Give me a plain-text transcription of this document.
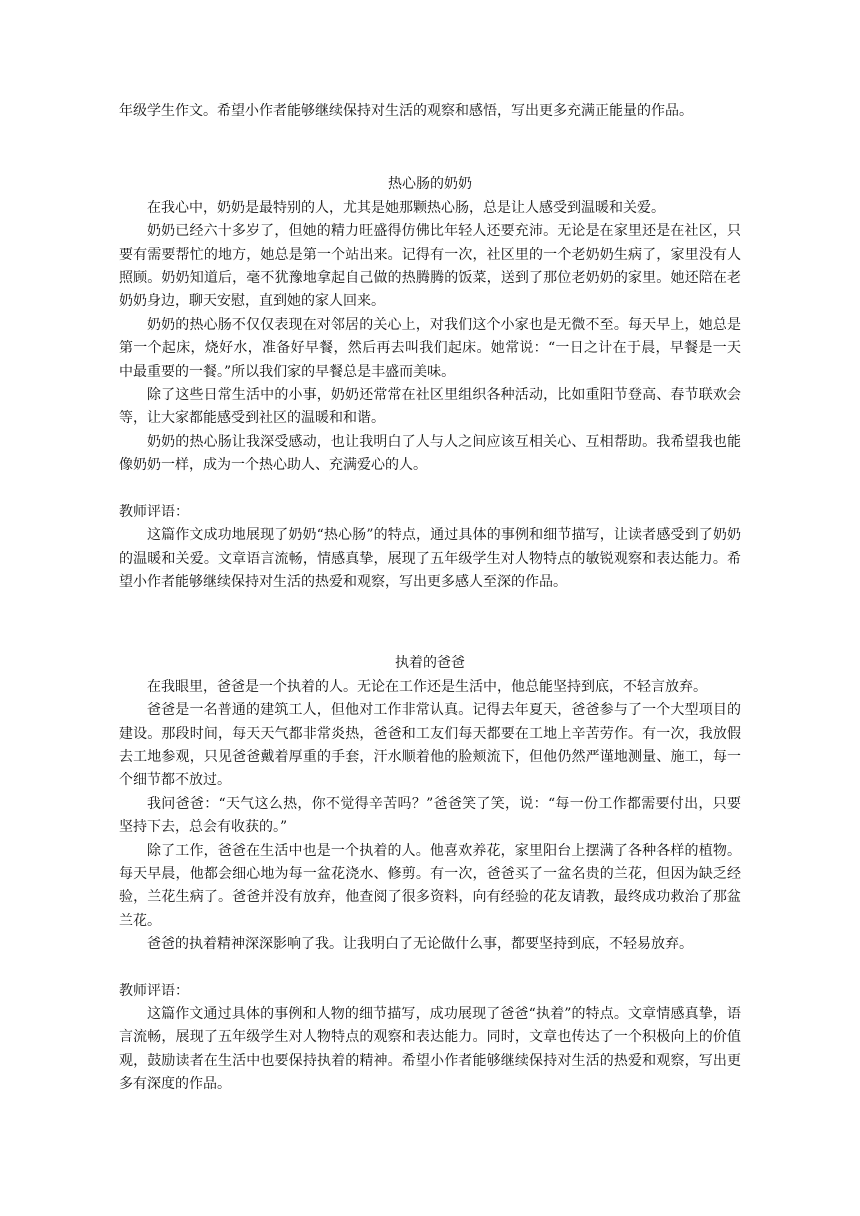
年级学生作文。希望小作者能够继续保持对生活的观察和感悟，写出更多充满正能量的作品。

热心肠的奶奶

在我心中，奶奶是最特别的人，尤其是她那颗热心肠，总是让人感受到温暖和关爱。

奶奶已经六十多岁了，但她的精力旺盛得仿佛比年轻人还要充沛。无论是在家里还是在社区，只要有需要帮忙的地方，她总是第一个站出来。记得有一次，社区里的一个老奶奶生病了，家里没有人照顾。奶奶知道后，毫不犹豫地拿起自己做的热腾腾的饭菜，送到了那位老奶奶的家里。她还陪在老奶奶身边，聊天安慰，直到她的家人回来。

奶奶的热心肠不仅仅表现在对邻居的关心上，对我们这个小家也是无微不至。每天早上，她总是第一个起床，烧好水，准备好早餐，然后再去叫我们起床。她常说：“一日之计在于晨，早餐是一天中最重要的一餐。”所以我们家的早餐总是丰盛而美味。

除了这些日常生活中的小事，奶奶还常常在社区里组织各种活动，比如重阳节登高、春节联欢会等，让大家都能感受到社区的温暖和和谐。

奶奶的热心肠让我深受感动，也让我明白了人与人之间应该互相关心、互相帮助。我希望我也能像奶奶一样，成为一个热心助人、充满爱心的人。

教师评语：

这篇作文成功地展现了奶奶“热心肠”的特点，通过具体的事例和细节描写，让读者感受到了奶奶的温暖和关爱。文章语言流畅，情感真挚，展现了五年级学生对人物特点的敏锐观察和表达能力。希望小作者能够继续保持对生活的热爱和观察，写出更多感人至深的作品。

执着的爸爸

在我眼里，爸爸是一个执着的人。无论在工作还是生活中，他总能坚持到底，不轻言放弃。

爸爸是一名普通的建筑工人，但他对工作非常认真。记得去年夏天，爸爸参与了一个大型项目的建设。那段时间，每天天气都非常炎热，爸爸和工友们每天都要在工地上辛苦劳作。有一次，我放假去工地参观，只见爸爸戴着厚重的手套，汗水顺着他的脸颊流下，但他仍然严谨地测量、施工，每一个细节都不放过。

我问爸爸：“天气这么热，你不觉得辛苦吗？”爸爸笑了笑，说：“每一份工作都需要付出，只要坚持下去，总会有收获的。”

除了工作，爸爸在生活中也是一个执着的人。他喜欢养花，家里阳台上摆满了各种各样的植物。每天早晨，他都会细心地为每一盆花浇水、修剪。有一次，爸爸买了一盆名贵的兰花，但因为缺乏经验，兰花生病了。爸爸并没有放弃，他查阅了很多资料，向有经验的花友请教，最终成功救治了那盆兰花。

爸爸的执着精神深深影响了我。让我明白了无论做什么事，都要坚持到底，不轻易放弃。

教师评语：

这篇作文通过具体的事例和人物的细节描写，成功展现了爸爸“执着”的特点。文章情感真挚，语言流畅，展现了五年级学生对人物特点的观察和表达能力。同时，文章也传达了一个积极向上的价值观，鼓励读者在生活中也要保持执着的精神。希望小作者能够继续保持对生活的热爱和观察，写出更多有深度的作品。
